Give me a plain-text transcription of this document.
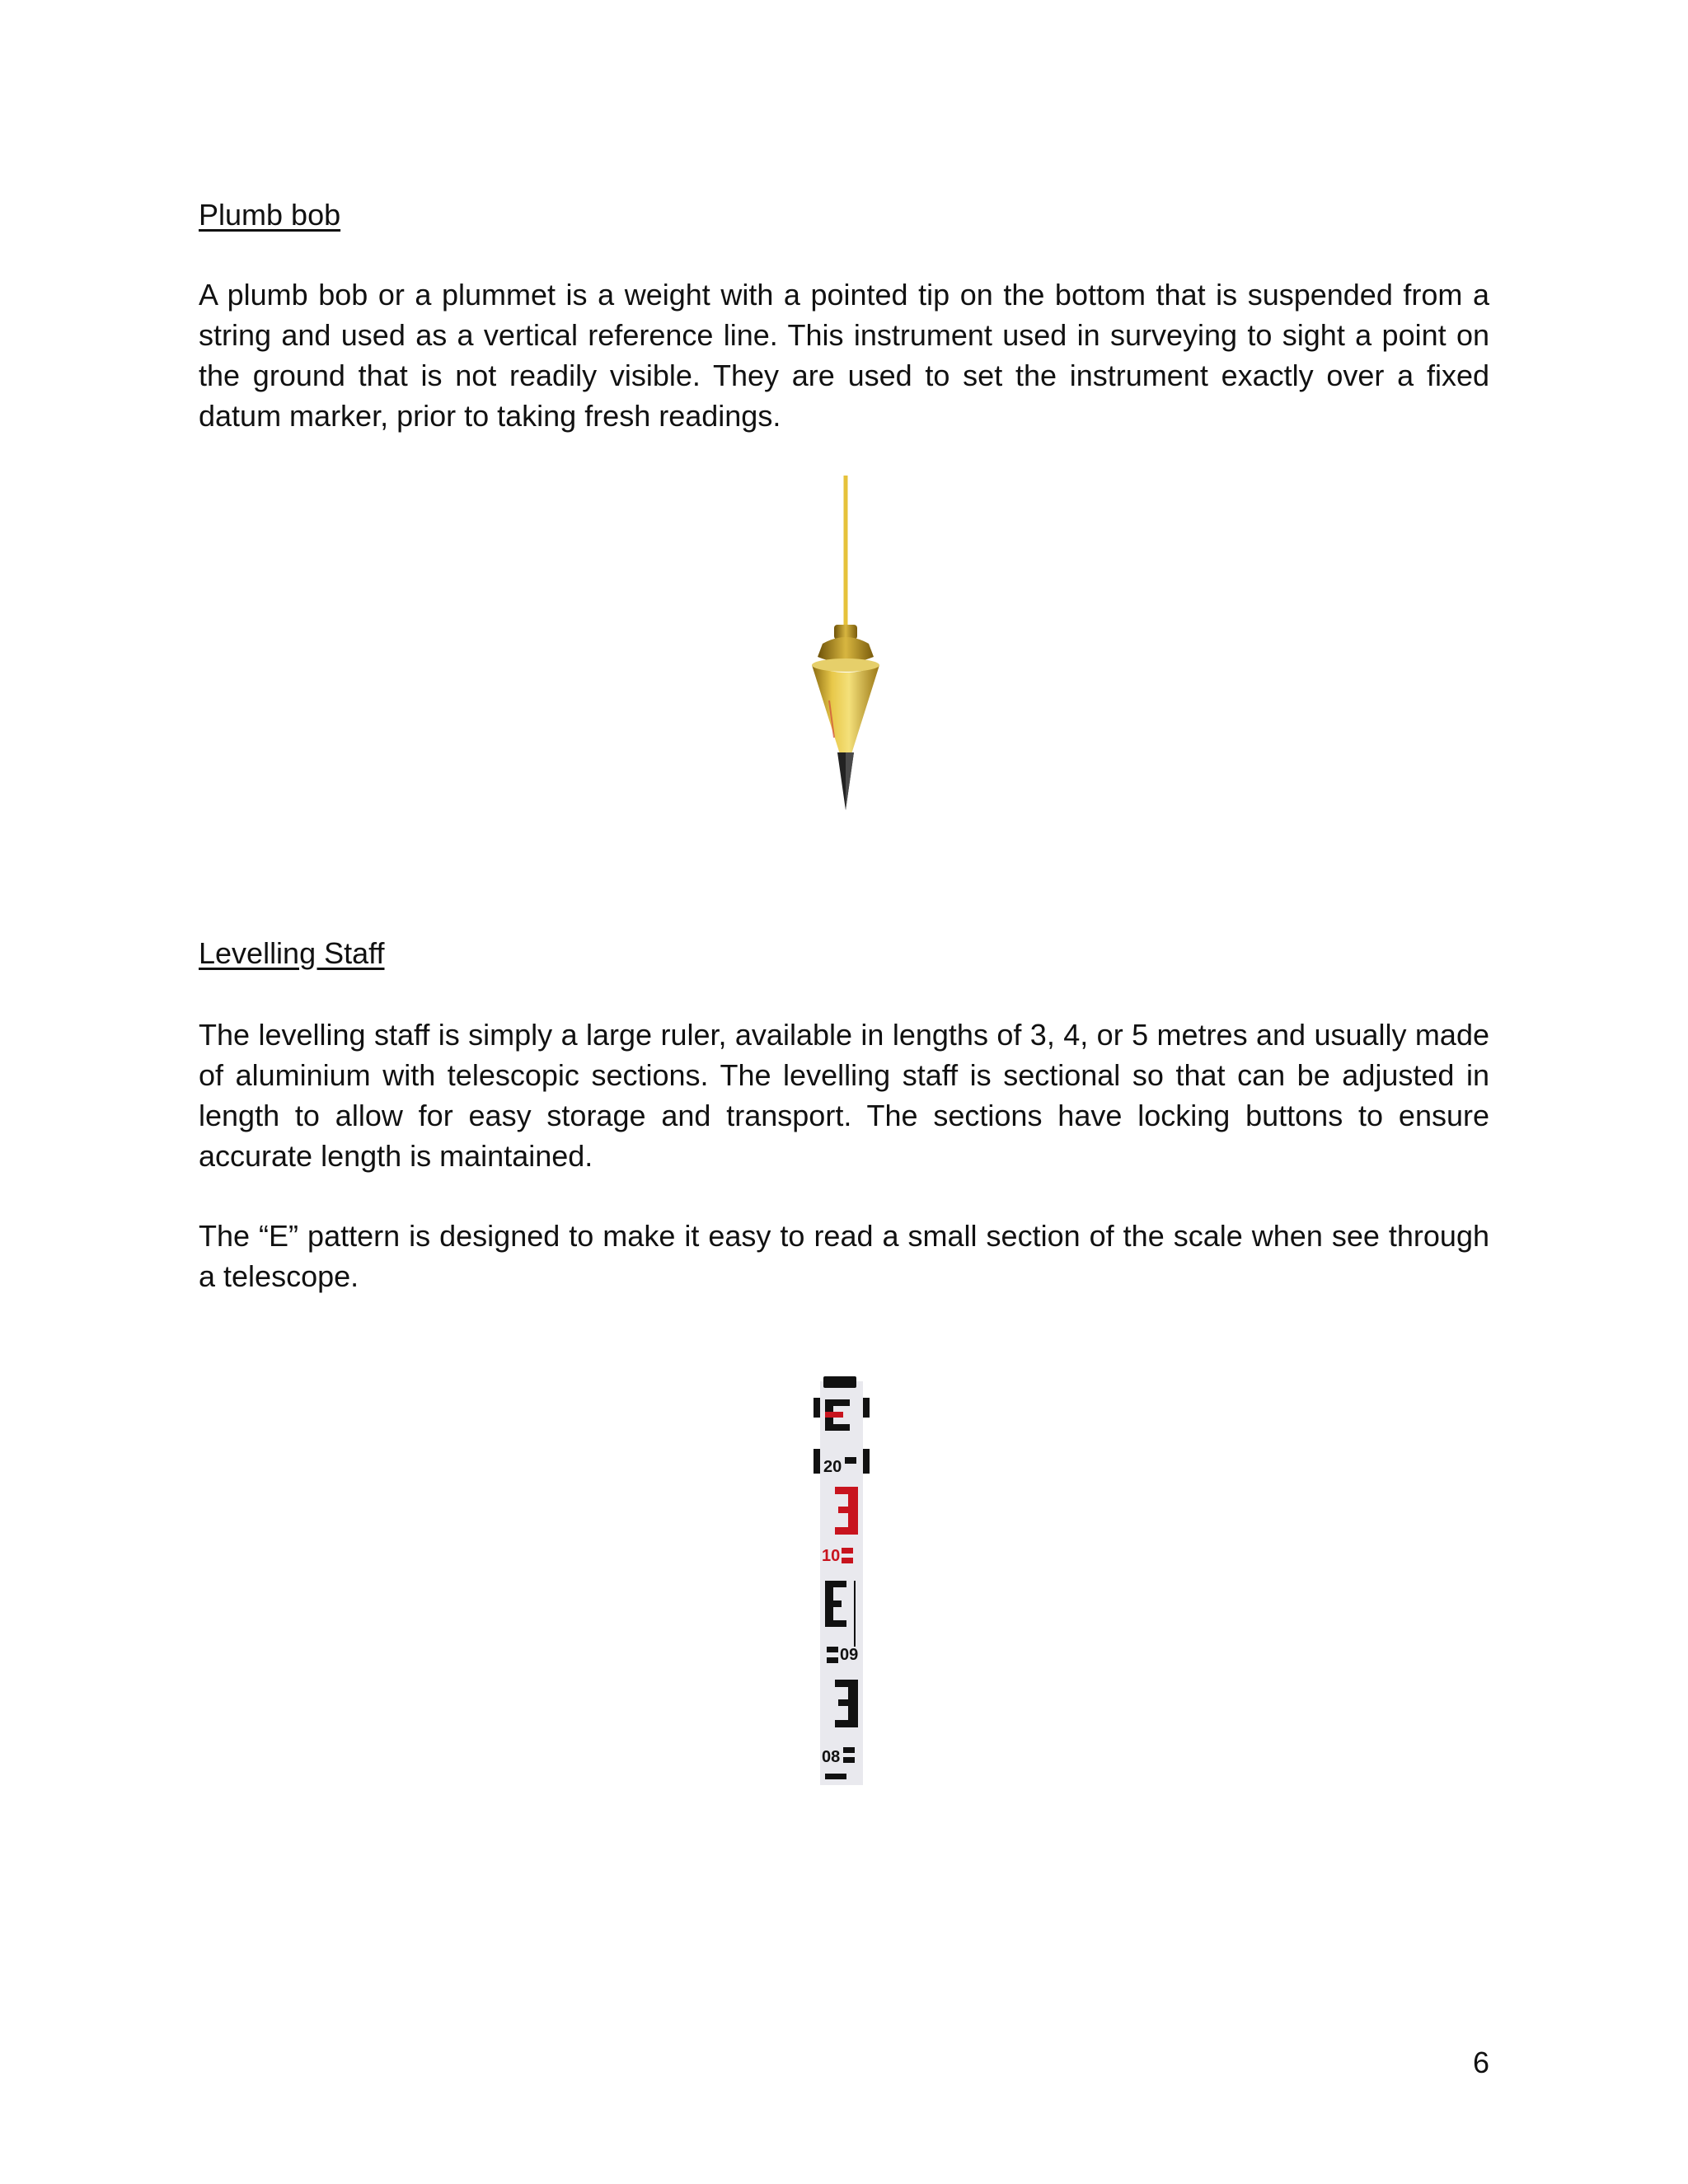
Plumb bob

A plumb bob or a plummet is a weight with a pointed tip on the bottom that is suspended from a string and used as a vertical reference line. This instrument used in surveying to sight a point on the ground that is not readily visible. They are used to set the instrument exactly over a fixed datum marker, prior to taking fresh readings.

Levelling Staff

The levelling staff is simply a large ruler, available in lengths of 3, 4, or 5 metres and usually made of aluminium with telescopic sections. The levelling staff is sectional so that can be adjusted in length to allow for easy storage and transport. The sections have locking buttons to ensure accurate length is maintained.

The “E” pattern is designed to make it easy to read a small section of the scale when see through a telescope.

20
10
09
08

6
